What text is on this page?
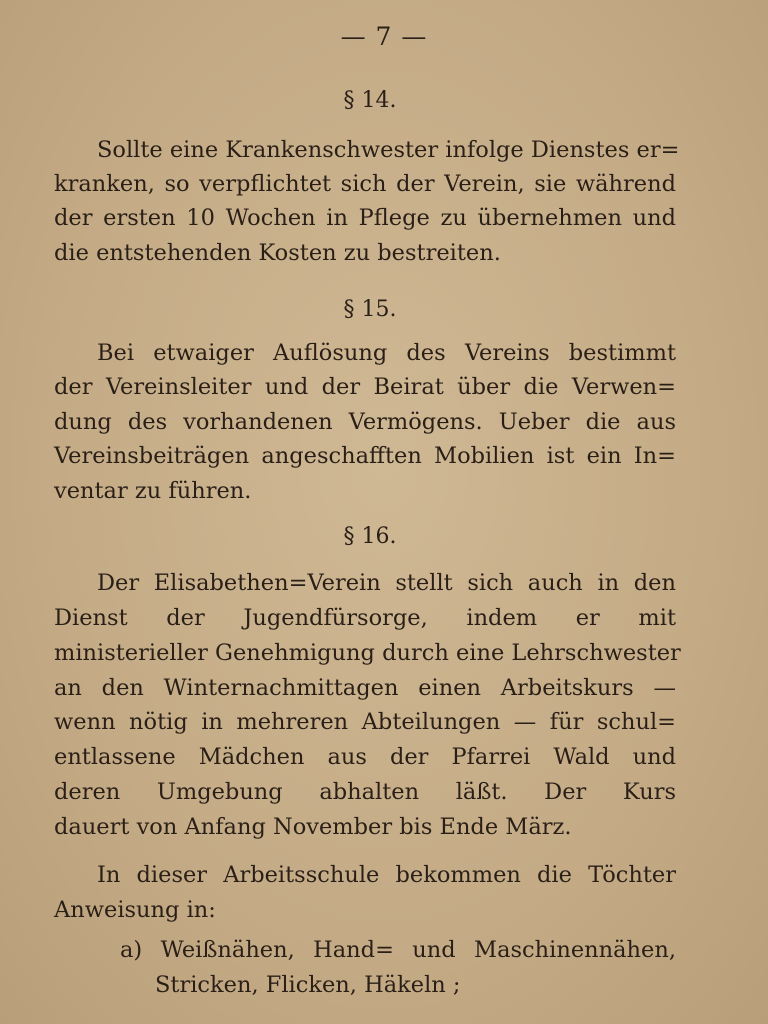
— 7 —
§ 14.
Sollte eine Krankenschwester infolge Dienstes er=
kranken, so verpflichtet sich der Verein, sie während
der ersten 10 Wochen in Pflege zu übernehmen und
die entstehenden Kosten zu bestreiten.
§ 15.
Bei etwaiger Auflösung des Vereins bestimmt
der Vereinsleiter und der Beirat über die Verwen=
dung des vorhandenen Vermögens. Ueber die aus
Vereinsbeiträgen angeschafften Mobilien ist ein In=
ventar zu führen.
§ 16.
Der Elisabethen=Verein stellt sich auch in den
Dienst der Jugendfürsorge, indem er mit
ministerieller Genehmigung durch eine Lehrschwester
an den Winternachmittagen einen Arbeitskurs —
wenn nötig in mehreren Abteilungen — für schul=
entlassene Mädchen aus der Pfarrei Wald und
deren Umgebung abhalten läßt. Der Kurs
dauert von Anfang November bis Ende März.
In dieser Arbeitsschule bekommen die Töchter
Anweisung in:
a) Weißnähen, Hand= und Maschinennähen,
Stricken, Flicken, Häkeln ;
